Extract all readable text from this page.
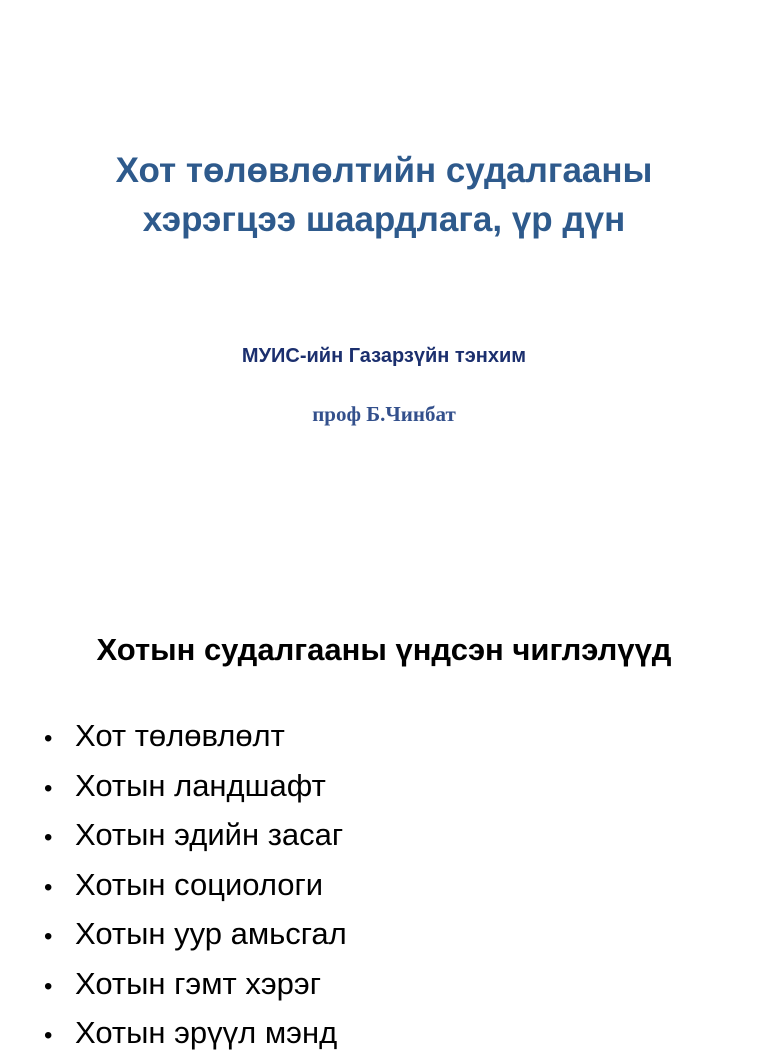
Хот төлөвлөлтийн судалгааны
хэрэгцээ шаардлага, үр дүн

МУИС-ийн Газарзүйн тэнхим

проф Б.Чинбат

Хотын судалгааны үндсэн чиглэлүүд
• Хот төлөвлөлт
• Хотын ландшафт
• Хотын эдийн засаг
• Хотын социологи
• Хотын уур амьсгал
• Хотын гэмт хэрэг
• Хотын эрүүл мэнд
